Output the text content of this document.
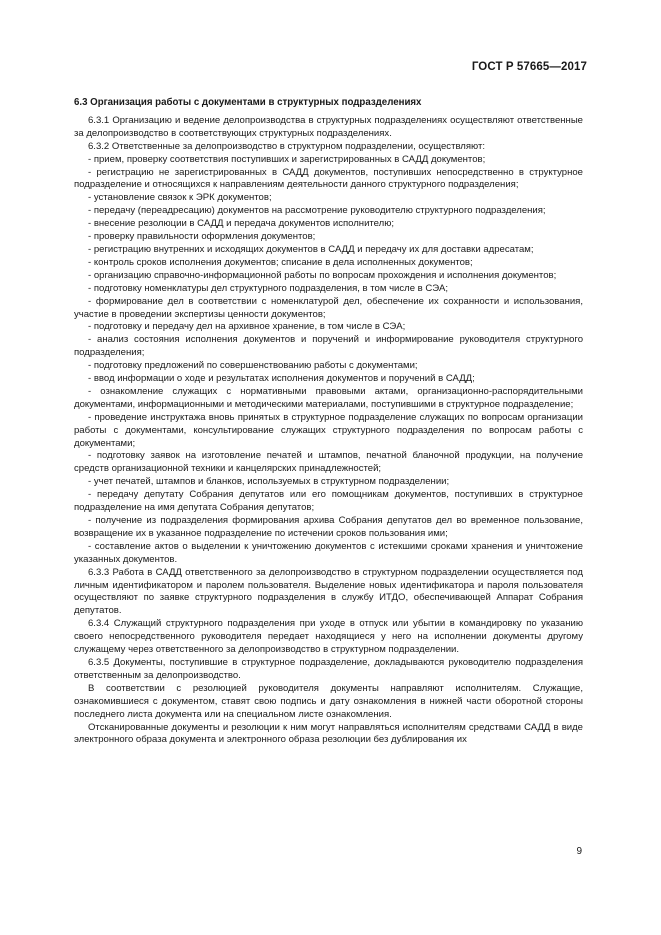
ГОСТ Р 57665—2017

6.3 Организация работы с документами в структурных подразделениях

6.3.1 Организацию и ведение делопроизводства в структурных подразделениях осуществляют ответственные за делопроизводство в соответствующих структурных подразделениях.

6.3.2 Ответственные за делопроизводство в структурном подразделении, осуществляют:

- прием, проверку соответствия поступивших и зарегистрированных в САДД документов;

- регистрацию не зарегистрированных в САДД документов, поступивших непосредственно в структурное подразделение и относящихся к направлениям деятельности данного структурного подразделения;

- установление связок к ЭРК документов;

- передачу (переадресацию) документов на рассмотрение руководителю структурного подразделения;

- внесение резолюции в САДД и передача документов исполнителю;

- проверку правильности оформления документов;

- регистрацию внутренних и исходящих документов в САДД и передачу их для доставки адресатам;

- контроль сроков исполнения документов; списание в дела исполненных документов;

- организацию справочно-информационной работы по вопросам прохождения и исполнения документов;

- подготовку номенклатуры дел структурного подразделения, в том числе в СЭА;

- формирование дел в соответствии с номенклатурой дел, обеспечение их сохранности и использования, участие в проведении экспертизы ценности документов;

- подготовку и передачу дел на архивное хранение, в том числе в СЭА;

- анализ состояния исполнения документов и поручений и информирование руководителя структурного подразделения;

- подготовку предложений по совершенствованию работы с документами;

- ввод информации о ходе и результатах исполнения документов и поручений в САДД;

- ознакомление служащих с нормативными правовыми актами, организационно-распорядительными документами, информационными и методическими материалами, поступившими в структурное подразделение;

- проведение инструктажа вновь принятых в структурное подразделение служащих по вопросам организации работы с документами, консультирование служащих структурного подразделения по вопросам работы с документами;

- подготовку заявок на изготовление печатей и штампов, печатной бланочной продукции, на получение средств организационной техники и канцелярских принадлежностей;

- учет печатей, штампов и бланков, используемых в структурном подразделении;

- передачу депутату Собрания депутатов или его помощникам документов, поступивших в структурное подразделение на имя депутата Собрания депутатов;

- получение из подразделения формирования архива Собрания депутатов дел во временное пользование, возвращение их в указанное подразделение по истечении сроков пользования ими;

- составление актов о выделении к уничтожению документов с истекшими сроками хранения и уничтожение указанных документов.

6.3.3 Работа в САДД ответственного за делопроизводство в структурном подразделении осуществляется под личным идентификатором и паролем пользователя. Выделение новых идентификатора и пароля пользователя осуществляют по заявке структурного подразделения в службу ИТДО, обеспечивающей Аппарат Собрания депутатов.

6.3.4 Служащий структурного подразделения при уходе в отпуск или убытии в командировку по указанию своего непосредственного руководителя передает находящиеся у него на исполнении документы другому служащему через ответственного за делопроизводство в структурном подразделении.

6.3.5 Документы, поступившие в структурное подразделение, докладываются руководителю подразделения ответственным за делопроизводство.

В соответствии с резолюцией руководителя документы направляют исполнителям. Служащие, ознакомившиеся с документом, ставят свою подпись и дату ознакомления в нижней части оборотной стороны последнего листа документа или на специальном листе ознакомления.

Отсканированные документы и резолюции к ним могут направляться исполнителям средствами САДД в виде электронного образа документа и электронного образа резолюции без дублирования их

9
